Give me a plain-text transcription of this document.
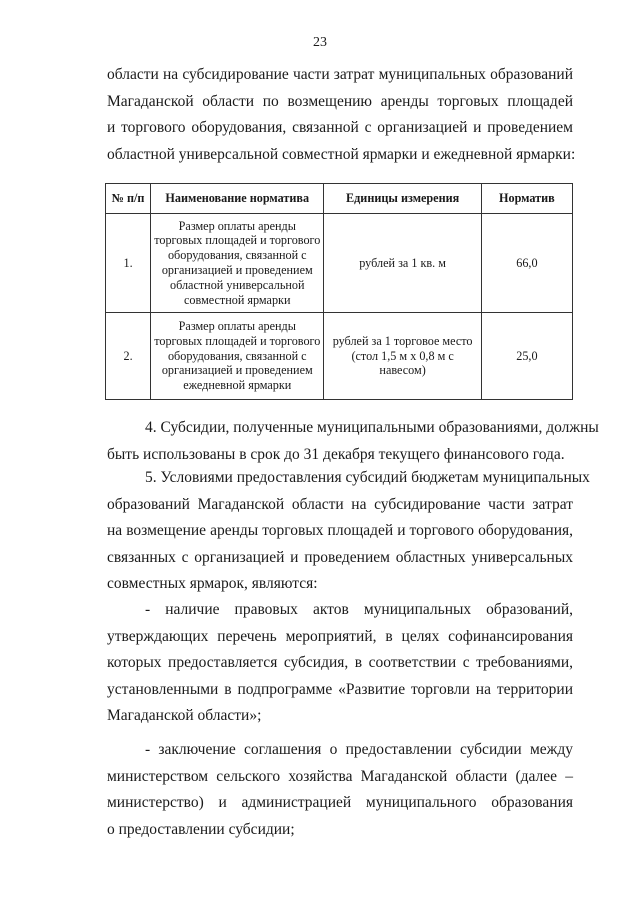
23
области на субсидирование части затрат муниципальных образований
Магаданской области по возмещению аренды торговых площадей
и торгового оборудования, связанной с организацией и проведением
областной универсальной совместной ярмарки и ежедневной ярмарки:
№ п/п	Наименование норматива	Единицы измерения	Норматив
1.	Размер оплаты аренды торговых площадей и торгового оборудования, связанной с организацией и проведением областной универсальной совместной ярмарки	рублей за 1 кв. м	66,0
2.	Размер оплаты аренды торговых площадей и торгового оборудования, связанной с организацией и проведением ежедневной ярмарки	рублей за 1 торговое место (стол 1,5 м х 0,8 м с навесом)	25,0
4. Субсидии, полученные муниципальными образованиями, должны
быть использованы в срок до 31 декабря текущего финансового года.
5. Условиями предоставления субсидий бюджетам муниципальных
образований Магаданской области на субсидирование части затрат
на возмещение аренды торговых площадей и торгового оборудования,
связанных с организацией и проведением областных универсальных
совместных ярмарок, являются:
- наличие правовых актов муниципальных образований,
утверждающих перечень мероприятий, в целях софинансирования
которых предоставляется субсидия, в соответствии с требованиями,
установленными в подпрограмме «Развитие торговли на территории
Магаданской области»;
- заключение соглашения о предоставлении субсидии между
министерством сельского хозяйства Магаданской области (далее –
министерство) и администрацией муниципального образования
о предоставлении субсидии;
